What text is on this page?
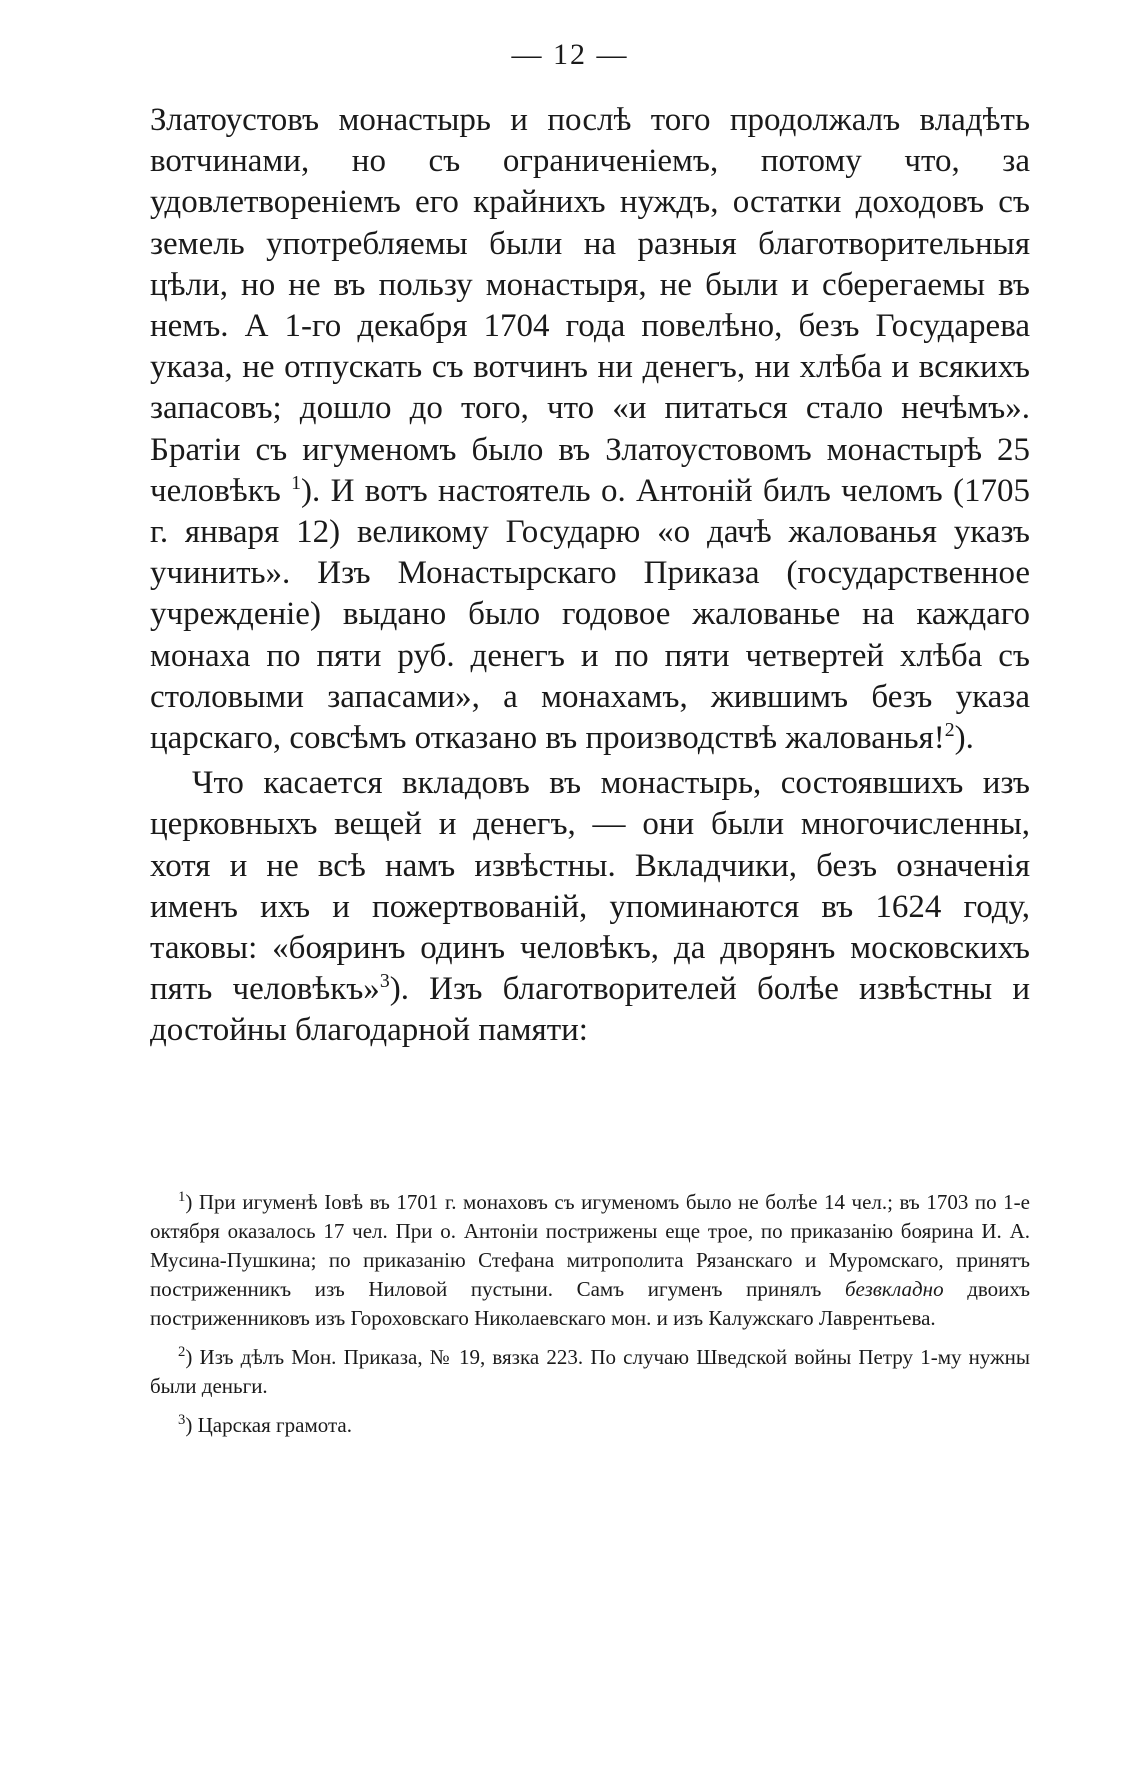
— 12 —

Златоустовъ монастырь и послѣ того продолжалъ владѣть вотчинами, но съ ограниченіемъ, потому что, за удовлетвореніемъ его крайнихъ нуждъ, остатки доходовъ съ земель употребляемы были на разныя благотворительныя цѣли, но не въ пользу монастыря, не были и сберегаемы въ немъ. А 1-го декабря 1704 года повелѣно, безъ Государева указа, не отпускать съ вотчинъ ни денегъ, ни хлѣба и всякихъ запасовъ; дошло до того, что «и питаться стало нечѣмъ». Братіи съ игуменомъ было въ Златоустовомъ монастырѣ 25 человѣкъ $^1$). И вотъ настоятель о. Антоній билъ челомъ (1705 г. января 12) великому Государю «о дачѣ жалованья указъ учинить». Изъ Монастырскаго Приказа (государственное учрежденіе) выдано было годовое жалованье на каждаго монаха по пяти руб. денегъ и по пяти четвертей хлѣба съ столовыми запасами», а монахамъ, жившимъ безъ указа царскаго, совсѣмъ отказано въ производствѣ жалованья!$^2$).

Что касается вкладовъ въ монастырь, состоявшихъ изъ церковныхъ вещей и денегъ, — они были многочисленны, хотя и не всѣ намъ извѣстны. Вкладчики, безъ означенія именъ ихъ и пожертвованій, упоминаются въ 1624 году, таковы: «бояринъ одинъ человѣкъ, да дворянъ московскихъ пять человѣкъ»$^3$). Изъ благотворителей болѣе извѣстны и достойны благодарной памяти:

$^1$) При игуменѣ Іовѣ въ 1701 г. монаховъ съ игуменомъ было не болѣе 14 чел.; въ 1703 по 1-е октября оказалось 17 чел. При о. Антоніи пострижены еще трое, по приказанію боярина И. А. Мусина-Пушкина; по приказанію Стефана митрополита Рязанскаго и Муромскаго, принятъ постриженникъ изъ Ниловой пустыни. Самъ игуменъ принялъ безвкладно двоихъ постриженниковъ изъ Гороховскаго Николаевскаго мон. и изъ Калужскаго Лаврентьева.

$^2$) Изъ дѣлъ Мон. Приказа, № 19, вязка 223. По случаю Шведской войны Петру 1-му нужны были деньги.

$^3$) Царская грамота.
